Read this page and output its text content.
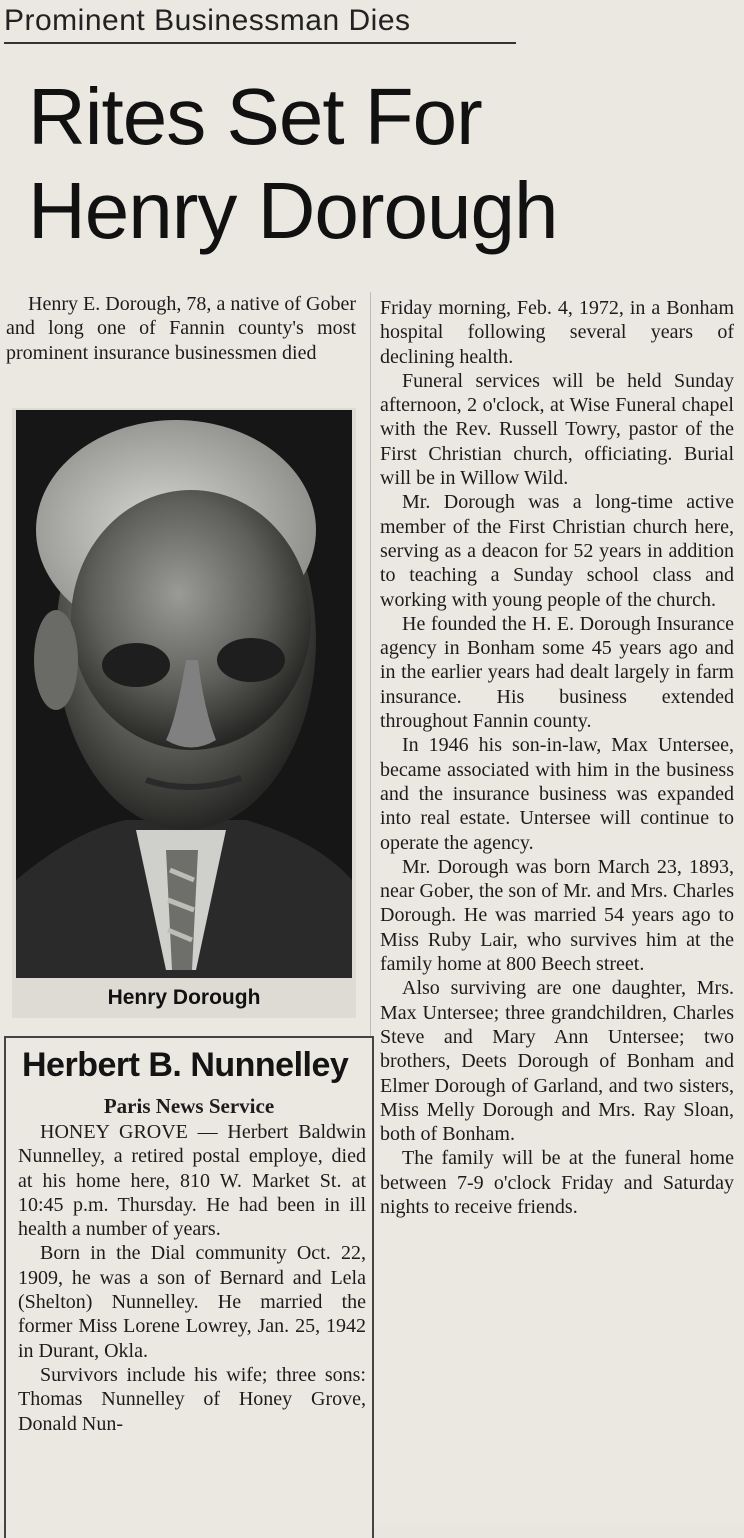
Prominent Businessman Dies
Rites Set For
Henry Dorough

Henry E. Dorough, 78, a native of Gober and long one of Fannin county's most prominent insurance businessmen died

Henry Dorough

Friday morning, Feb. 4, 1972, in a Bonham hospital following several years of declining health.

Funeral services will be held Sunday afternoon, 2 o'clock, at Wise Funeral chapel with the Rev. Russell Towry, pastor of the First Christian church, officiating. Burial will be in Willow Wild.

Mr. Dorough was a long-time active member of the First Christian church here, serving as a deacon for 52 years in addition to teaching a Sunday school class and working with young people of the church.

He founded the H. E. Dorough Insurance agency in Bonham some 45 years ago and in the earlier years had dealt largely in farm insurance. His business extended throughout Fannin county.

In 1946 his son-in-law, Max Untersee, became associated with him in the business and the insurance business was expanded into real estate. Untersee will continue to operate the agency.

Mr. Dorough was born March 23, 1893, near Gober, the son of Mr. and Mrs. Charles Dorough. He was married 54 years ago to Miss Ruby Lair, who survives him at the family home at 800 Beech street.

Also surviving are one daughter, Mrs. Max Untersee; three grandchildren, Charles Steve and Mary Ann Untersee; two brothers, Deets Dorough of Bonham and Elmer Dorough of Garland, and two sisters, Miss Melly Dorough and Mrs. Ray Sloan, both of Bonham.

The family will be at the funeral home between 7-9 o'clock Friday and Saturday nights to receive friends.

Herbert B. Nunnelley
Paris News Service

HONEY GROVE — Herbert Baldwin Nunnelley, a retired postal employe, died at his home here, 810 W. Market St. at 10:45 p.m. Thursday. He had been in ill health a number of years.

Born in the Dial community Oct. 22, 1909, he was a son of Bernard and Lela (Shelton) Nunnelley. He married the former Miss Lorene Lowrey, Jan. 25, 1942 in Durant, Okla.

Survivors include his wife; three sons: Thomas Nunnelley of Honey Grove, Donald Nun-
